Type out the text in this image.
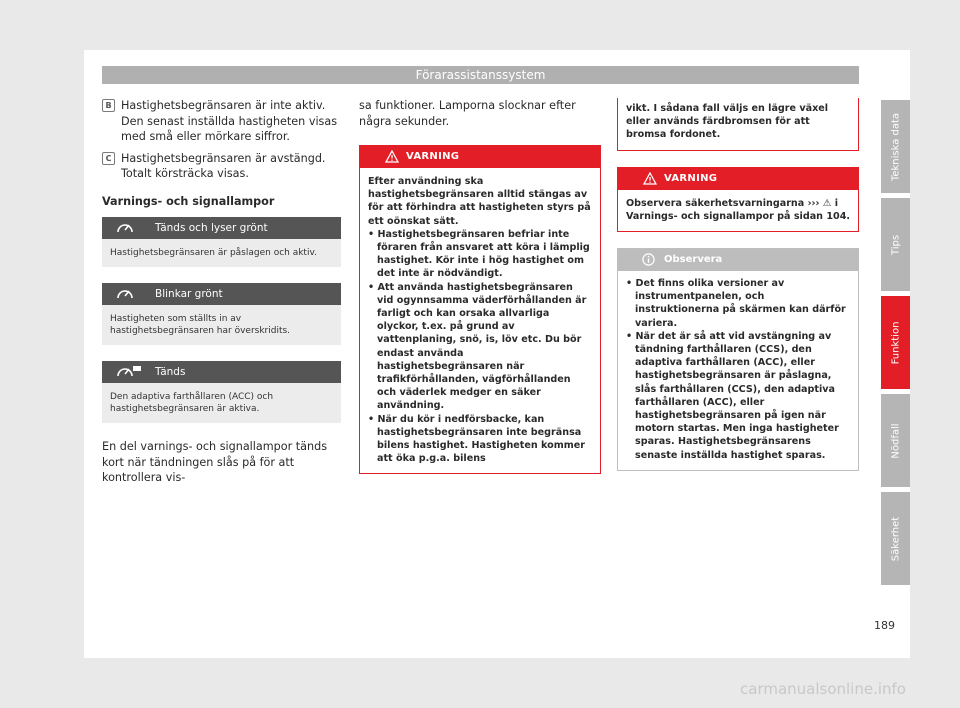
Förarassistanssystem
B Hastighetsbegränsaren är inte aktiv. Den senast inställda hastigheten visas med små eller mörkare siffror.
C Hastighetsbegränsaren är avstängd. Totalt körsträcka visas.
Varnings- och signallampor
Tänds och lyser grönt
Hastighetsbegränsaren är påslagen och aktiv.
Blinkar grönt
Hastigheten som ställts in av hastighetsbegränsaren har överskridits.
Tänds
Den adaptiva farthållaren (ACC) och hastighetsbegränsaren är aktiva.
En del varnings- och signallampor tänds kort när tändningen slås på för att kontrollera vis-
sa funktioner. Lamporna slocknar efter några sekunder.
VARNING
Efter användning ska hastighetsbegränsaren alltid stängas av för att förhindra att hastigheten styrs på ett oönskat sätt.
• Hastighetsbegränsaren befriar inte föraren från ansvaret att köra i lämplig hastighet. Kör inte i hög hastighet om det inte är nödvändigt.
• Att använda hastighetsbegränsaren vid ogynnsamma väderförhållanden är farligt och kan orsaka allvarliga olyckor, t.ex. på grund av vattenplaning, snö, is, löv etc. Du bör endast använda hastighetsbegränsaren när trafikförhållanden, vägförhållanden och väderlek medger en säker användning.
• När du kör i nedförsbacke, kan hastighetsbegränsaren inte begränsa bilens hastighet. Hastigheten kommer att öka p.g.a. bilens
vikt. I sådana fall väljs en lägre växel eller används färdbromsen för att bromsa fordonet.
VARNING
Observera säkerhetsvarningarna ››› ⚠ i Varnings- och signallampor på sidan 104.
Observera
• Det finns olika versioner av instrumentpanelen, och instruktionerna på skärmen kan därför variera.
• När det är så att vid avstängning av tändning farthållaren (CCS), den adaptiva farthållaren (ACC), eller hastighetsbegränsaren är påslagna, slås farthållaren (CCS), den adaptiva farthållaren (ACC), eller hastighetsbegränsaren på igen när motorn startas. Men inga hastigheter sparas. Hastighetsbegränsarens senaste inställda hastighet sparas.
Tekniska data
Tips
Funktion
Nödfall
Säkerhet
189
carmanualsonline.info
